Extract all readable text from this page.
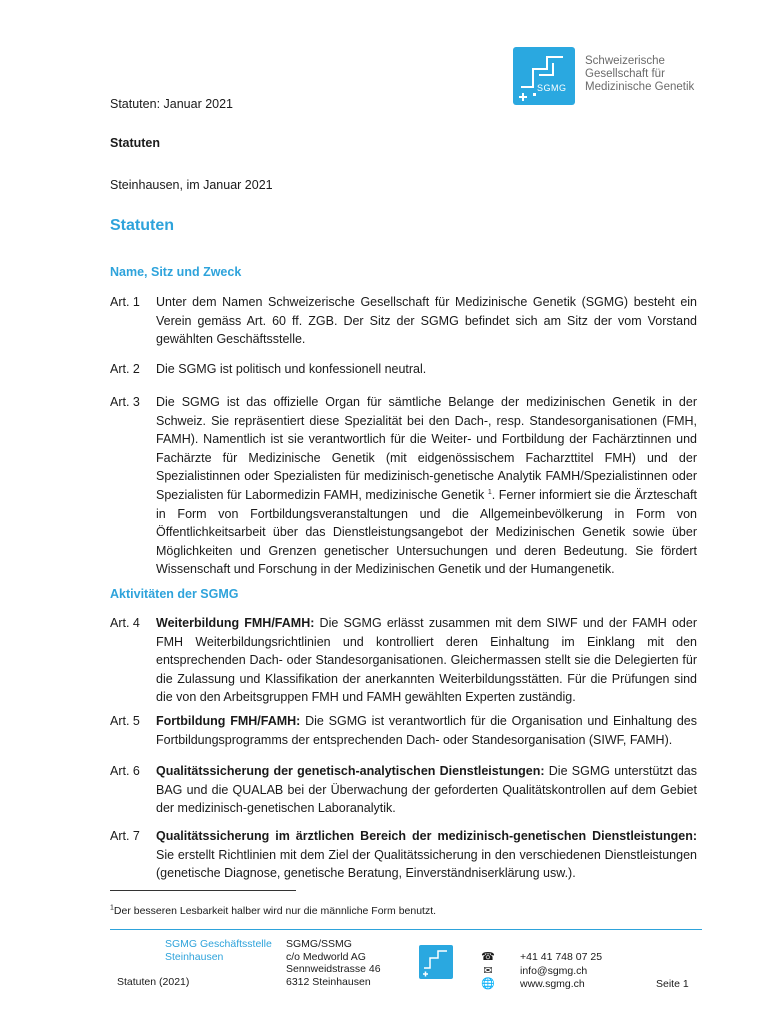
SGMG
Schweizerische
Gesellschaft für
Medizinische Genetik
Statuten: Januar 2021
Statuten
Steinhausen, im Januar 2021
Statuten
Name, Sitz und Zweck
Art. 1 Unter dem Namen Schweizerische Gesellschaft für Medizinische Genetik (SGMG) besteht ein Verein gemäss Art. 60 ff. ZGB. Der Sitz der SGMG befindet sich am Sitz der vom Vorstand gewählten Geschäftsstelle.
Art. 2 Die SGMG ist politisch und konfessionell neutral.
Art. 3 Die SGMG ist das offizielle Organ für sämtliche Belange der medizinischen Genetik in der Schweiz. Sie repräsentiert diese Spezialität bei den Dach-, resp. Standesorganisationen (FMH, FAMH). Namentlich ist sie verantwortlich für die Weiter- und Fortbildung der Fachärztinnen und Fachärzte für Medizinische Genetik (mit eidgenössischem Facharzttitel FMH) und der Spezialistinnen oder Spezialisten für medizinisch-genetische Analytik FAMH/Spezialistinnen oder Spezialisten für Labormedizin FAMH, medizinische Genetik $^1$. Ferner informiert sie die Ärzteschaft in Form von Fortbildungsveranstaltungen und die Allgemeinbevölkerung in Form von Öffentlichkeitsarbeit über das Dienstleistungsangebot der Medizinischen Genetik sowie über Möglichkeiten und Grenzen genetischer Untersuchungen und deren Bedeutung. Sie fördert Wissenschaft und Forschung in der Medizinischen Genetik und der Humangenetik.
Aktivitäten der SGMG
Art. 4 Weiterbildung FMH/FAMH: Die SGMG erlässt zusammen mit dem SIWF und der FAMH oder FMH Weiterbildungsrichtlinien und kontrolliert deren Einhaltung im Einklang mit den entsprechenden Dach- oder Standesorganisationen. Gleichermassen stellt sie die Delegierten für die Zulassung und Klassifikation der anerkannten Weiterbildungsstätten. Für die Prüfungen sind die von den Arbeitsgruppen FMH und FAMH gewählten Experten zuständig.
Art. 5 Fortbildung FMH/FAMH: Die SGMG ist verantwortlich für die Organisation und Einhaltung des Fortbildungsprogramms der entsprechenden Dach- oder Standesorganisation (SIWF, FAMH).
Art. 6 Qualitätssicherung der genetisch-analytischen Dienstleistungen: Die SGMG unterstützt das BAG und die QUALAB bei der Überwachung der geforderten Qualitätskontrollen auf dem Gebiet der medizinisch-genetischen Laboranalytik.
Art. 7 Qualitätssicherung im ärztlichen Bereich der medizinisch-genetischen Dienstleistungen: Sie erstellt Richtlinien mit dem Ziel der Qualitätssicherung in den verschiedenen Dienstleistungen (genetische Diagnose, genetische Beratung, Einverständniserklärung usw.).
$^1$Der besseren Lesbarkeit halber wird nur die männliche Form benutzt.
SGMG Geschäftsstelle
Steinhausen
Statuten (2021)
SGMG/SSMG
c/o Medworld AG
Sennweidstrasse 46
6312 Steinhausen
☎
✉
🌐
+41 41 748 07 25
info@sgmg.ch
www.sgmg.ch	Seite 1
